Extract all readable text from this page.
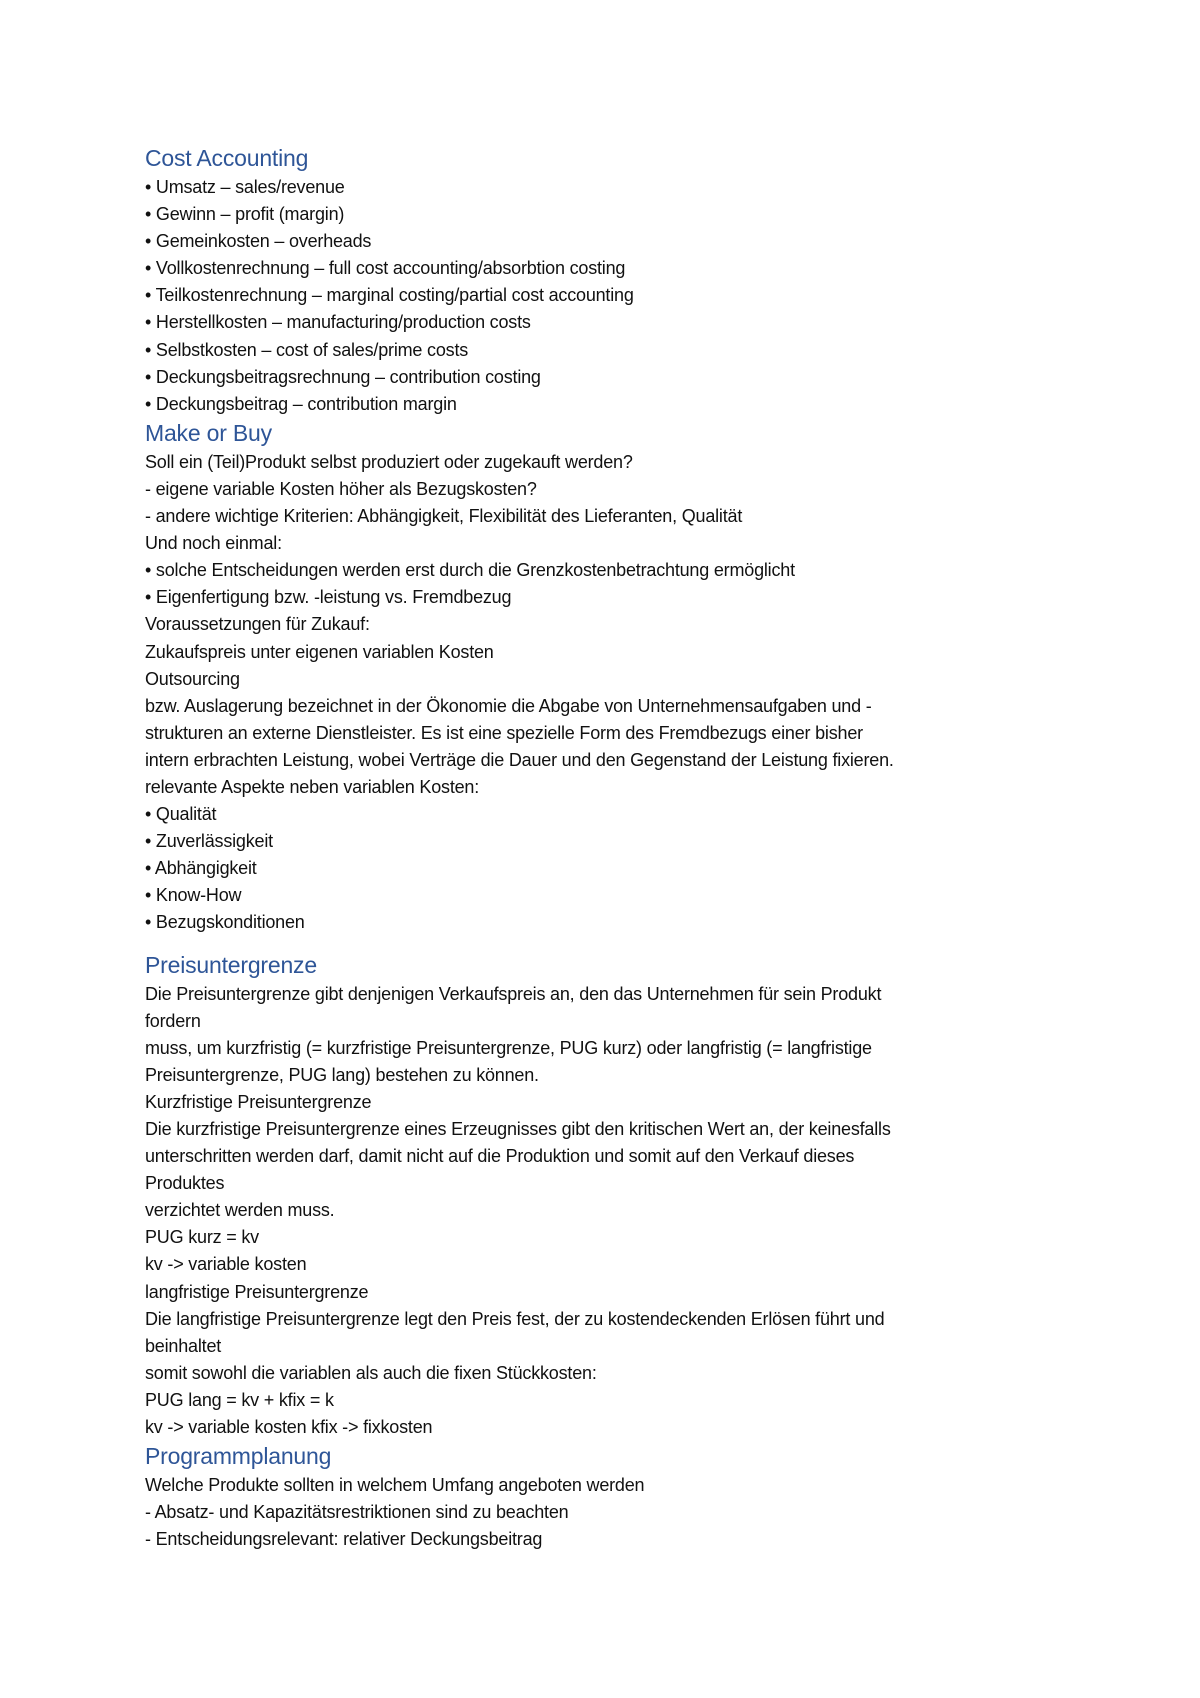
Cost Accounting
• Umsatz – sales/revenue
• Gewinn – profit (margin)
• Gemeinkosten – overheads
• Vollkostenrechnung – full cost accounting/absorbtion costing
• Teilkostenrechnung – marginal costing/partial cost accounting
• Herstellkosten – manufacturing/production costs
• Selbstkosten – cost of sales/prime costs
• Deckungsbeitragsrechnung – contribution costing
• Deckungsbeitrag – contribution margin
Make or Buy
Soll ein (Teil)Produkt selbst produziert oder zugekauft werden?
- eigene variable Kosten höher als Bezugskosten?
- andere wichtige Kriterien: Abhängigkeit, Flexibilität des Lieferanten, Qualität
Und noch einmal:
• solche Entscheidungen werden erst durch die Grenzkostenbetrachtung ermöglicht
• Eigenfertigung bzw. -leistung vs. Fremdbezug
Voraussetzungen für Zukauf:
Zukaufspreis unter eigenen variablen Kosten
Outsourcing
bzw. Auslagerung bezeichnet in der Ökonomie die Abgabe von Unternehmensaufgaben und -
strukturen an externe Dienstleister. Es ist eine spezielle Form des Fremdbezugs einer bisher
intern erbrachten Leistung, wobei Verträge die Dauer und den Gegenstand der Leistung fixieren.
relevante Aspekte neben variablen Kosten:
• Qualität
• Zuverlässigkeit
• Abhängigkeit
• Know-How
• Bezugskonditionen
Preisuntergrenze
Die Preisuntergrenze gibt denjenigen Verkaufspreis an, den das Unternehmen für sein Produkt
fordern
muss, um kurzfristig (= kurzfristige Preisuntergrenze, PUG kurz) oder langfristig (= langfristige
Preisuntergrenze, PUG lang) bestehen zu können.
Kurzfristige Preisuntergrenze
Die kurzfristige Preisuntergrenze eines Erzeugnisses gibt den kritischen Wert an, der keinesfalls
unterschritten werden darf, damit nicht auf die Produktion und somit auf den Verkauf dieses
Produktes
verzichtet werden muss.
PUG kurz = kv
kv -> variable kosten
langfristige Preisuntergrenze
Die langfristige Preisuntergrenze legt den Preis fest, der zu kostendeckenden Erlösen führt und
beinhaltet
somit sowohl die variablen als auch die fixen Stückkosten:
PUG lang = kv + kfix = k
kv -> variable kosten kfix -> fixkosten
Programmplanung
Welche Produkte sollten in welchem Umfang angeboten werden
- Absatz- und Kapazitätsrestriktionen sind zu beachten
- Entscheidungsrelevant: relativer Deckungsbeitrag
